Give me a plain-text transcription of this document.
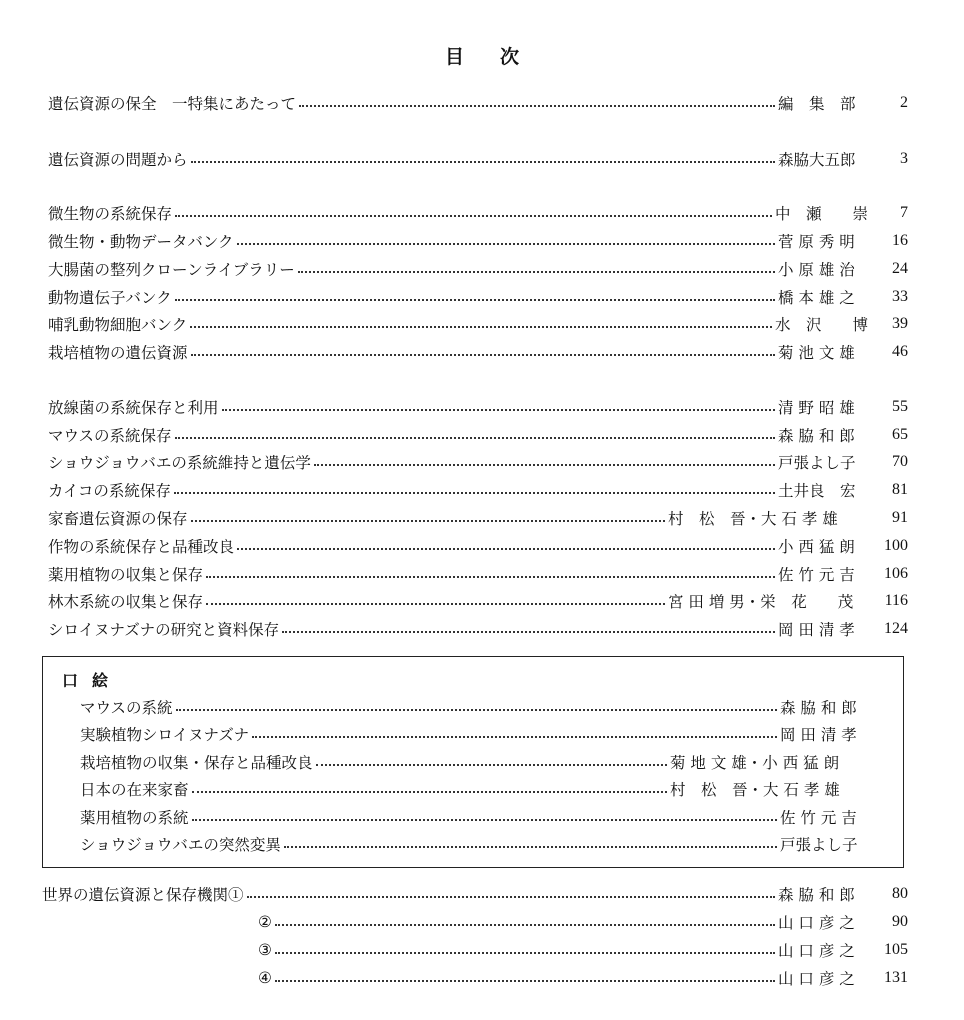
目 次
遺伝資源の保全　一特集にあたって	編　集　部	2
遺伝資源の問題から	森脇大五郎	3
微生物の系統保存	中　瀬　　崇	7
微生物・動物データバンク	菅 原 秀 明	16
大腸菌の整列クローンライブラリー	小 原 雄 治	24
動物遺伝子バンク	橋 本 雄 之	33
哺乳動物細胞バンク	水　沢　　博	39
栽培植物の遺伝資源	菊 池 文 雄	46
放線菌の系統保存と利用	清 野 昭 雄	55
マウスの系統保存	森 脇 和 郎	65
ショウジョウバエの系統維持と遺伝学	戸張よし子	70
カイコの系統保存	土井良　宏	81
家畜遺伝資源の保存	村　松　晉・大 石 孝 雄	91
作物の系統保存と品種改良	小 西 猛 朗	100
薬用植物の収集と保存	佐 竹 元 吉	106
林木系統の収集と保存	宮 田 増 男・栄　花　　茂	116
シロイヌナズナの研究と資料保存	岡 田 清 孝	124
口 絵
マウスの系統	森 脇 和 郎
実験植物シロイヌナズナ	岡 田 清 孝
栽培植物の収集・保存と品種改良	菊 地 文 雄・小 西 猛 朗
日本の在来家畜	村　松　晉・大 石 孝 雄
薬用植物の系統	佐 竹 元 吉
ショウジョウバエの突然変異	戸張よし子
世界の遺伝資源と保存機関①	森 脇 和 郎	80
②	山 口 彦 之	90
③	山 口 彦 之	105
④	山 口 彦 之	131
